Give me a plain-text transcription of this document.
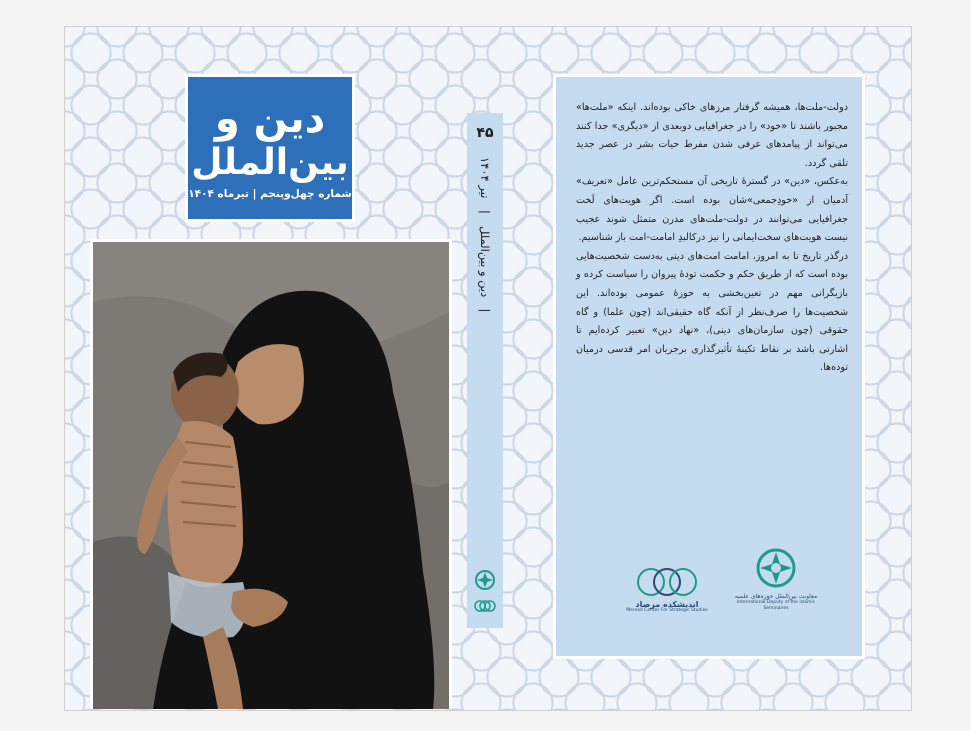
دین و
بین‌الملل
شماره چهل‌وپنجم | تیرماه ۱۴۰۴
۴۵
| دین و بین‌الملل | تیر ۱۴۰۴

دولت-ملت‌ها، همیشه گرفتار مرزهای خاکی بوده‌اند. اینکه «ملت‌ها» مجبور باشند تا «خود» را در جغرافیایی دوبعدی از «دیگری» جدا کنند می‌تواند از پیامدهای عرفی شدن مفرط حیات بشر در عصر جدید تلقی گردد.

به‌عکس، «دین» در گسترۀ تاریخی آن مستحکم‌ترین عامل «تعریف» آدمیان از «خودِجمعی»شان بوده است. اگر هویت‌های لَخت جغرافیایی می‌توانند در دولت-ملت‌های مدرن متمثل شوند عجیب نیست هویت‌های سخت‌ایمانی را نیز درکالبدِ امامت-امت باز شناسیم.

درگذر تاریخ تا به امروز، امامت امت‌های دینی به‌دست شخصیت‌هایی بوده است که از طریق حکم و حکمت تودۀ پیروان را سیاست کرده و بازیگرانی مهم در تعین‌بخشی به حوزۀ عمومی بوده‌اند. این شخصیت‌ها را صرف‌نظر از آنکه گاه حقیقی‌اند (چون علما) و گاه حقوقی (چون سازمان‌های دینی)، «نهاد دین» تعبیر کرده‌ایم تا اشارتی باشد بر نقاط تکینۀ تأثیرگذاری برجریان امر قدسی درمیان توده‌ها.

اندیشکده مرصاد
Mersad Center For Strategic Studies
معاونت بین‌الملل حوزه‌های علمیه
International Deputy of the Islamic Seminaries
